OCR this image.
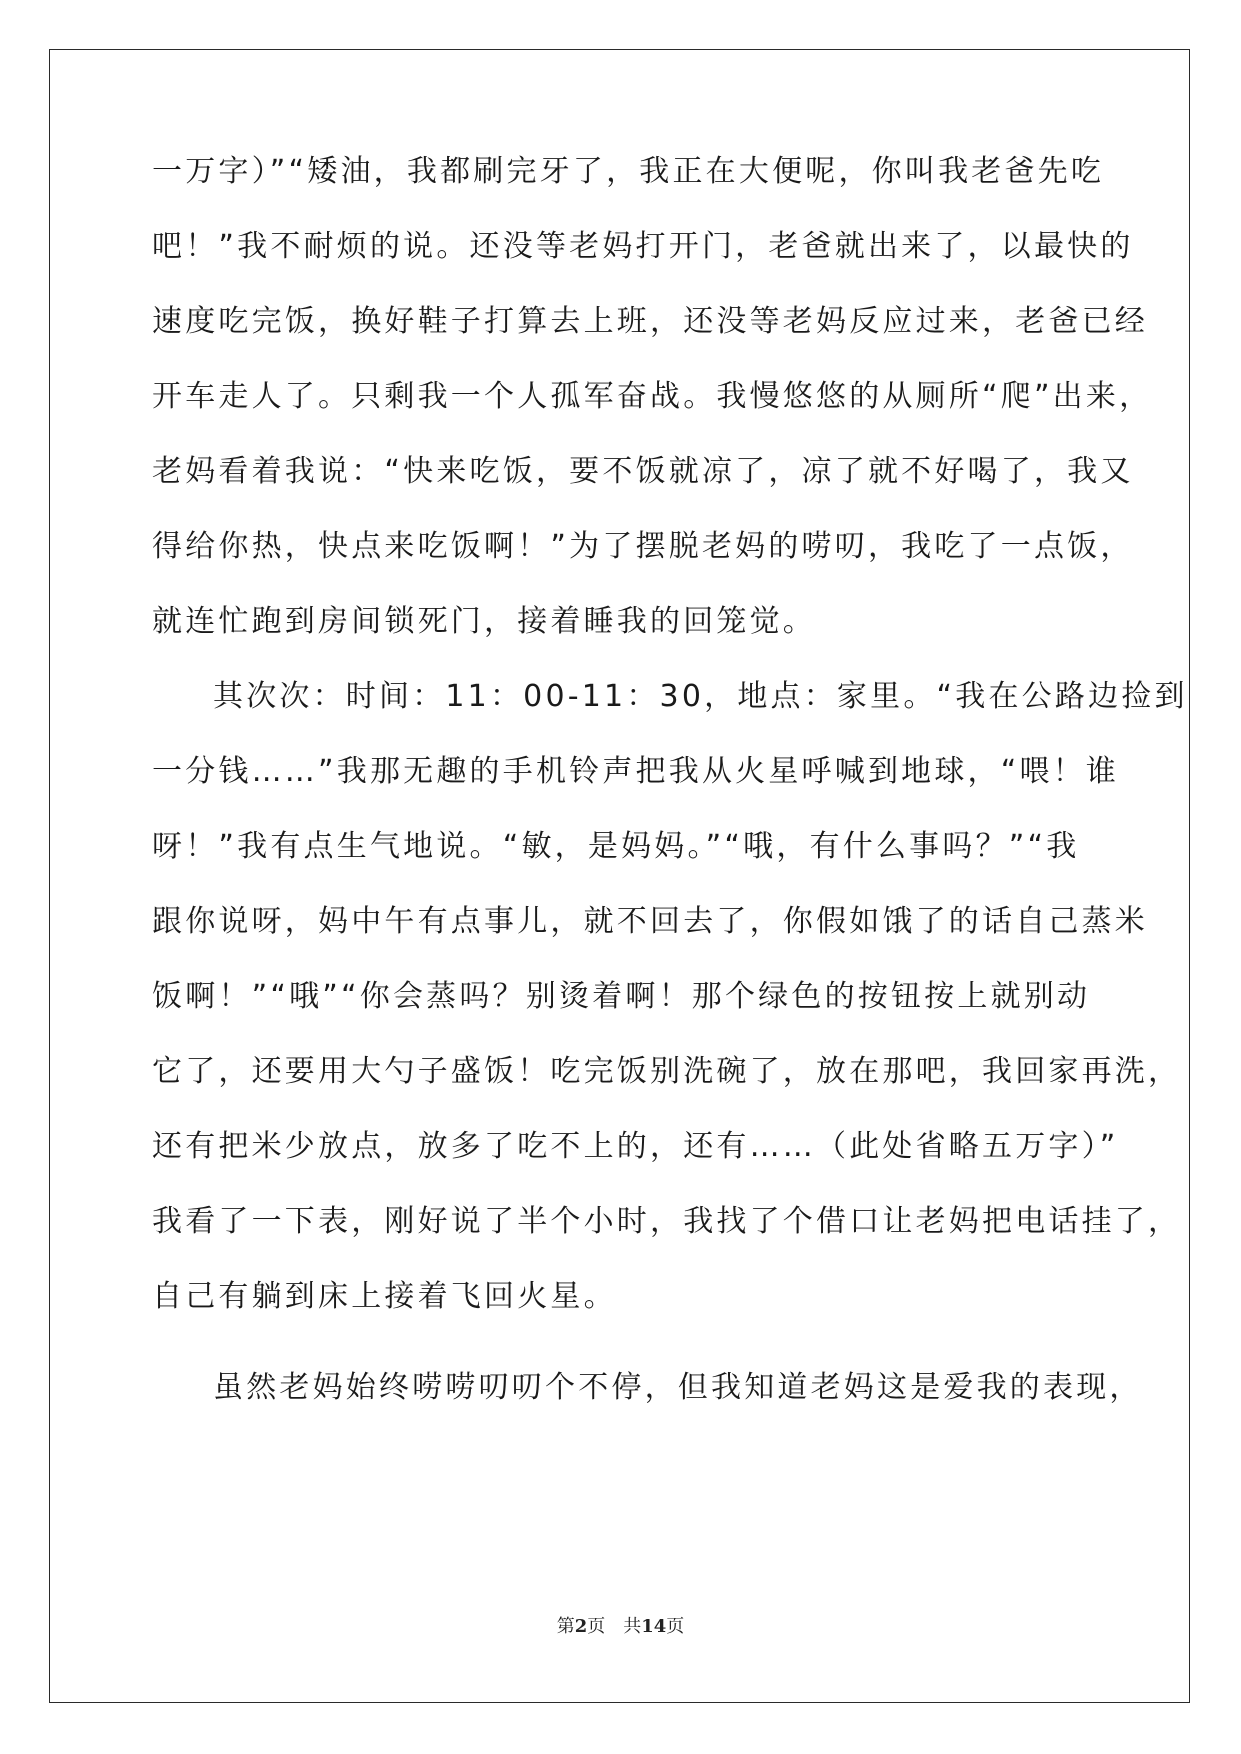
一万字）”“矮油，我都刷完牙了，我正在大便呢，你叫我老爸先吃
吧！”我不耐烦的说。还没等老妈打开门，老爸就出来了，以最快的
速度吃完饭，换好鞋子打算去上班，还没等老妈反应过来，老爸已经
开车走人了。只剩我一个人孤军奋战。我慢悠悠的从厕所“爬”出来，
老妈看着我说：“快来吃饭，要不饭就凉了，凉了就不好喝了，我又
得给你热，快点来吃饭啊！”为了摆脱老妈的唠叨，我吃了一点饭，
就连忙跑到房间锁死门，接着睡我的回笼觉。
其次次：时间：11：00-11：30，地点：家里。“我在公路边捡到
一分钱……”我那无趣的手机铃声把我从火星呼喊到地球，“喂！谁
呀！”我有点生气地说。“敏，是妈妈。”“哦，有什么事吗？”“我
跟你说呀，妈中午有点事儿，就不回去了，你假如饿了的话自己蒸米
饭啊！”“哦”“你会蒸吗？别烫着啊！那个绿色的按钮按上就别动
它了，还要用大勺子盛饭！吃完饭别洗碗了，放在那吧，我回家再洗，
还有把米少放点，放多了吃不上的，还有……（此处省略五万字）”
我看了一下表，刚好说了半个小时，我找了个借口让老妈把电话挂了，
自己有躺到床上接着飞回火星。
虽然老妈始终唠唠叨叨个不停，但我知道老妈这是爱我的表现，
第2页　共14页
